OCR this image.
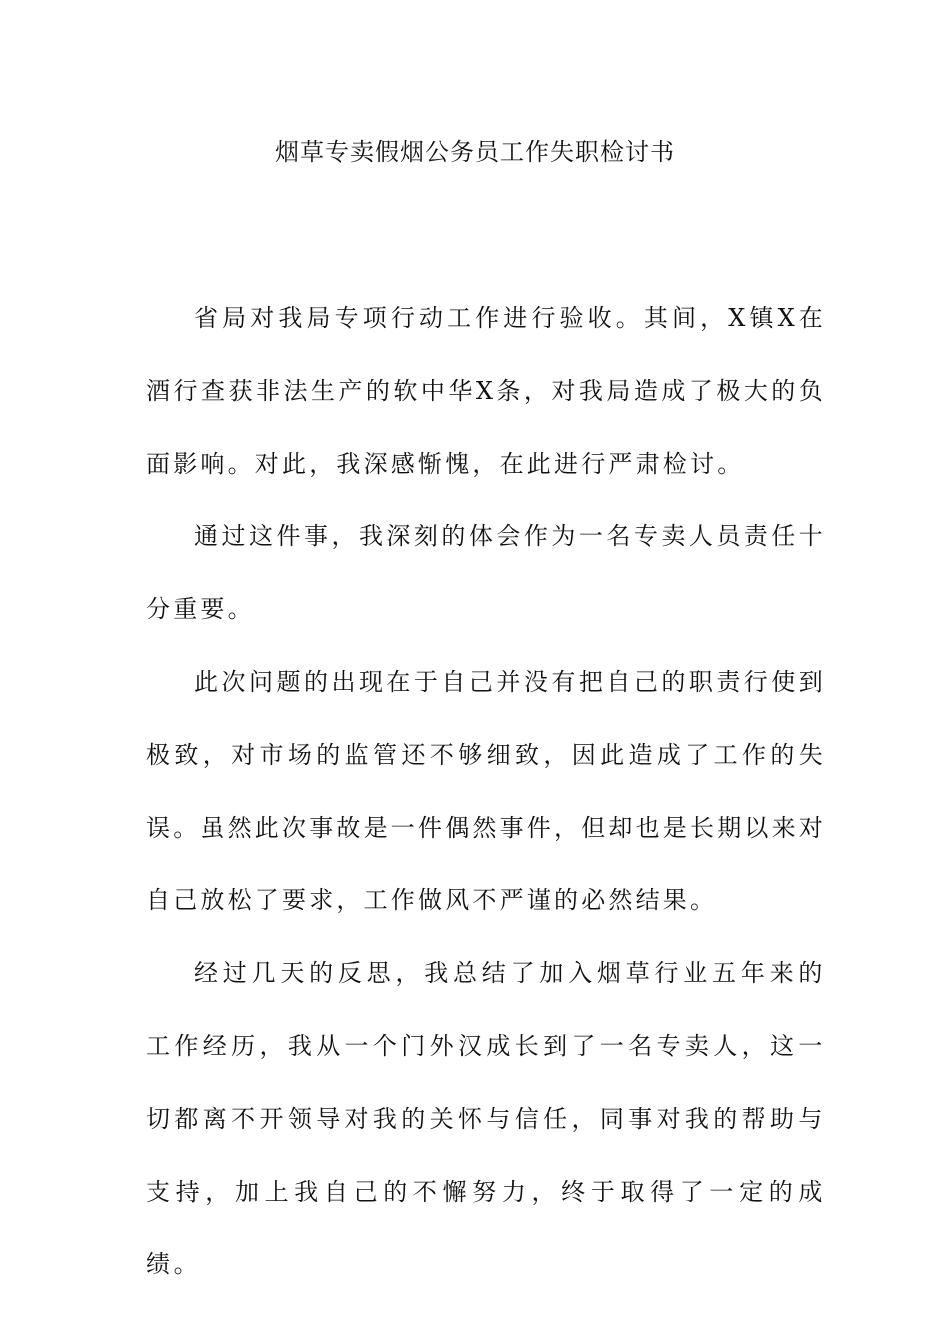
烟草专卖假烟公务员工作失职检讨书

省局对我局专项行动工作进行验收。其间，X镇X在酒行查获非法生产的软中华X条，对我局造成了极大的负面影响。对此，我深感惭愧，在此进行严肃检讨。

通过这件事，我深刻的体会作为一名专卖人员责任十分重要。

此次问题的出现在于自己并没有把自己的职责行使到极致，对市场的监管还不够细致，因此造成了工作的失误。虽然此次事故是一件偶然事件，但却也是长期以来对自己放松了要求，工作做风不严谨的必然结果。

经过几天的反思，我总结了加入烟草行业五年来的工作经历，我从一个门外汉成长到了一名专卖人，这一切都离不开领导对我的关怀与信任，同事对我的帮助与支持，加上我自己的不懈努力，终于取得了一定的成绩。
